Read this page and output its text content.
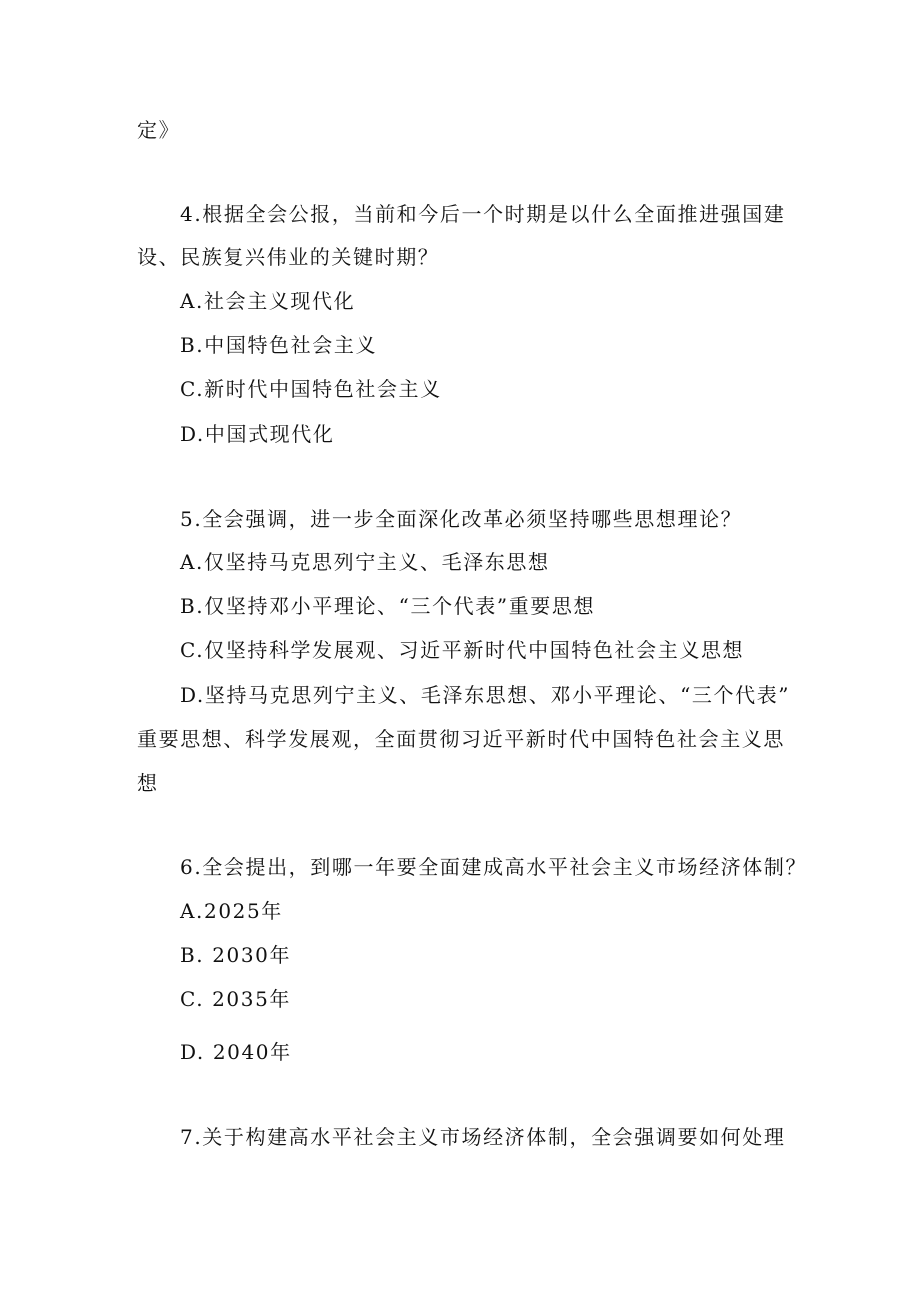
定》
4.根据全会公报，当前和今后一个时期是以什么全面推进强国建
设、民族复兴伟业的关键时期？
A.社会主义现代化
B.中国特色社会主义
C.新时代中国特色社会主义
D.中国式现代化
5.全会强调，进一步全面深化改革必须坚持哪些思想理论？
A.仅坚持马克思列宁主义、毛泽东思想
B.仅坚持邓小平理论、“三个代表”重要思想
C.仅坚持科学发展观、习近平新时代中国特色社会主义思想
D.坚持马克思列宁主义、毛泽东思想、邓小平理论、“三个代表”
重要思想、科学发展观，全面贯彻习近平新时代中国特色社会主义思
想
6.全会提出，到哪一年要全面建成高水平社会主义市场经济体制？
A.2025年
B. 2030年
C. 2035年
D. 2040年
7.关于构建高水平社会主义市场经济体制，全会强调要如何处理
